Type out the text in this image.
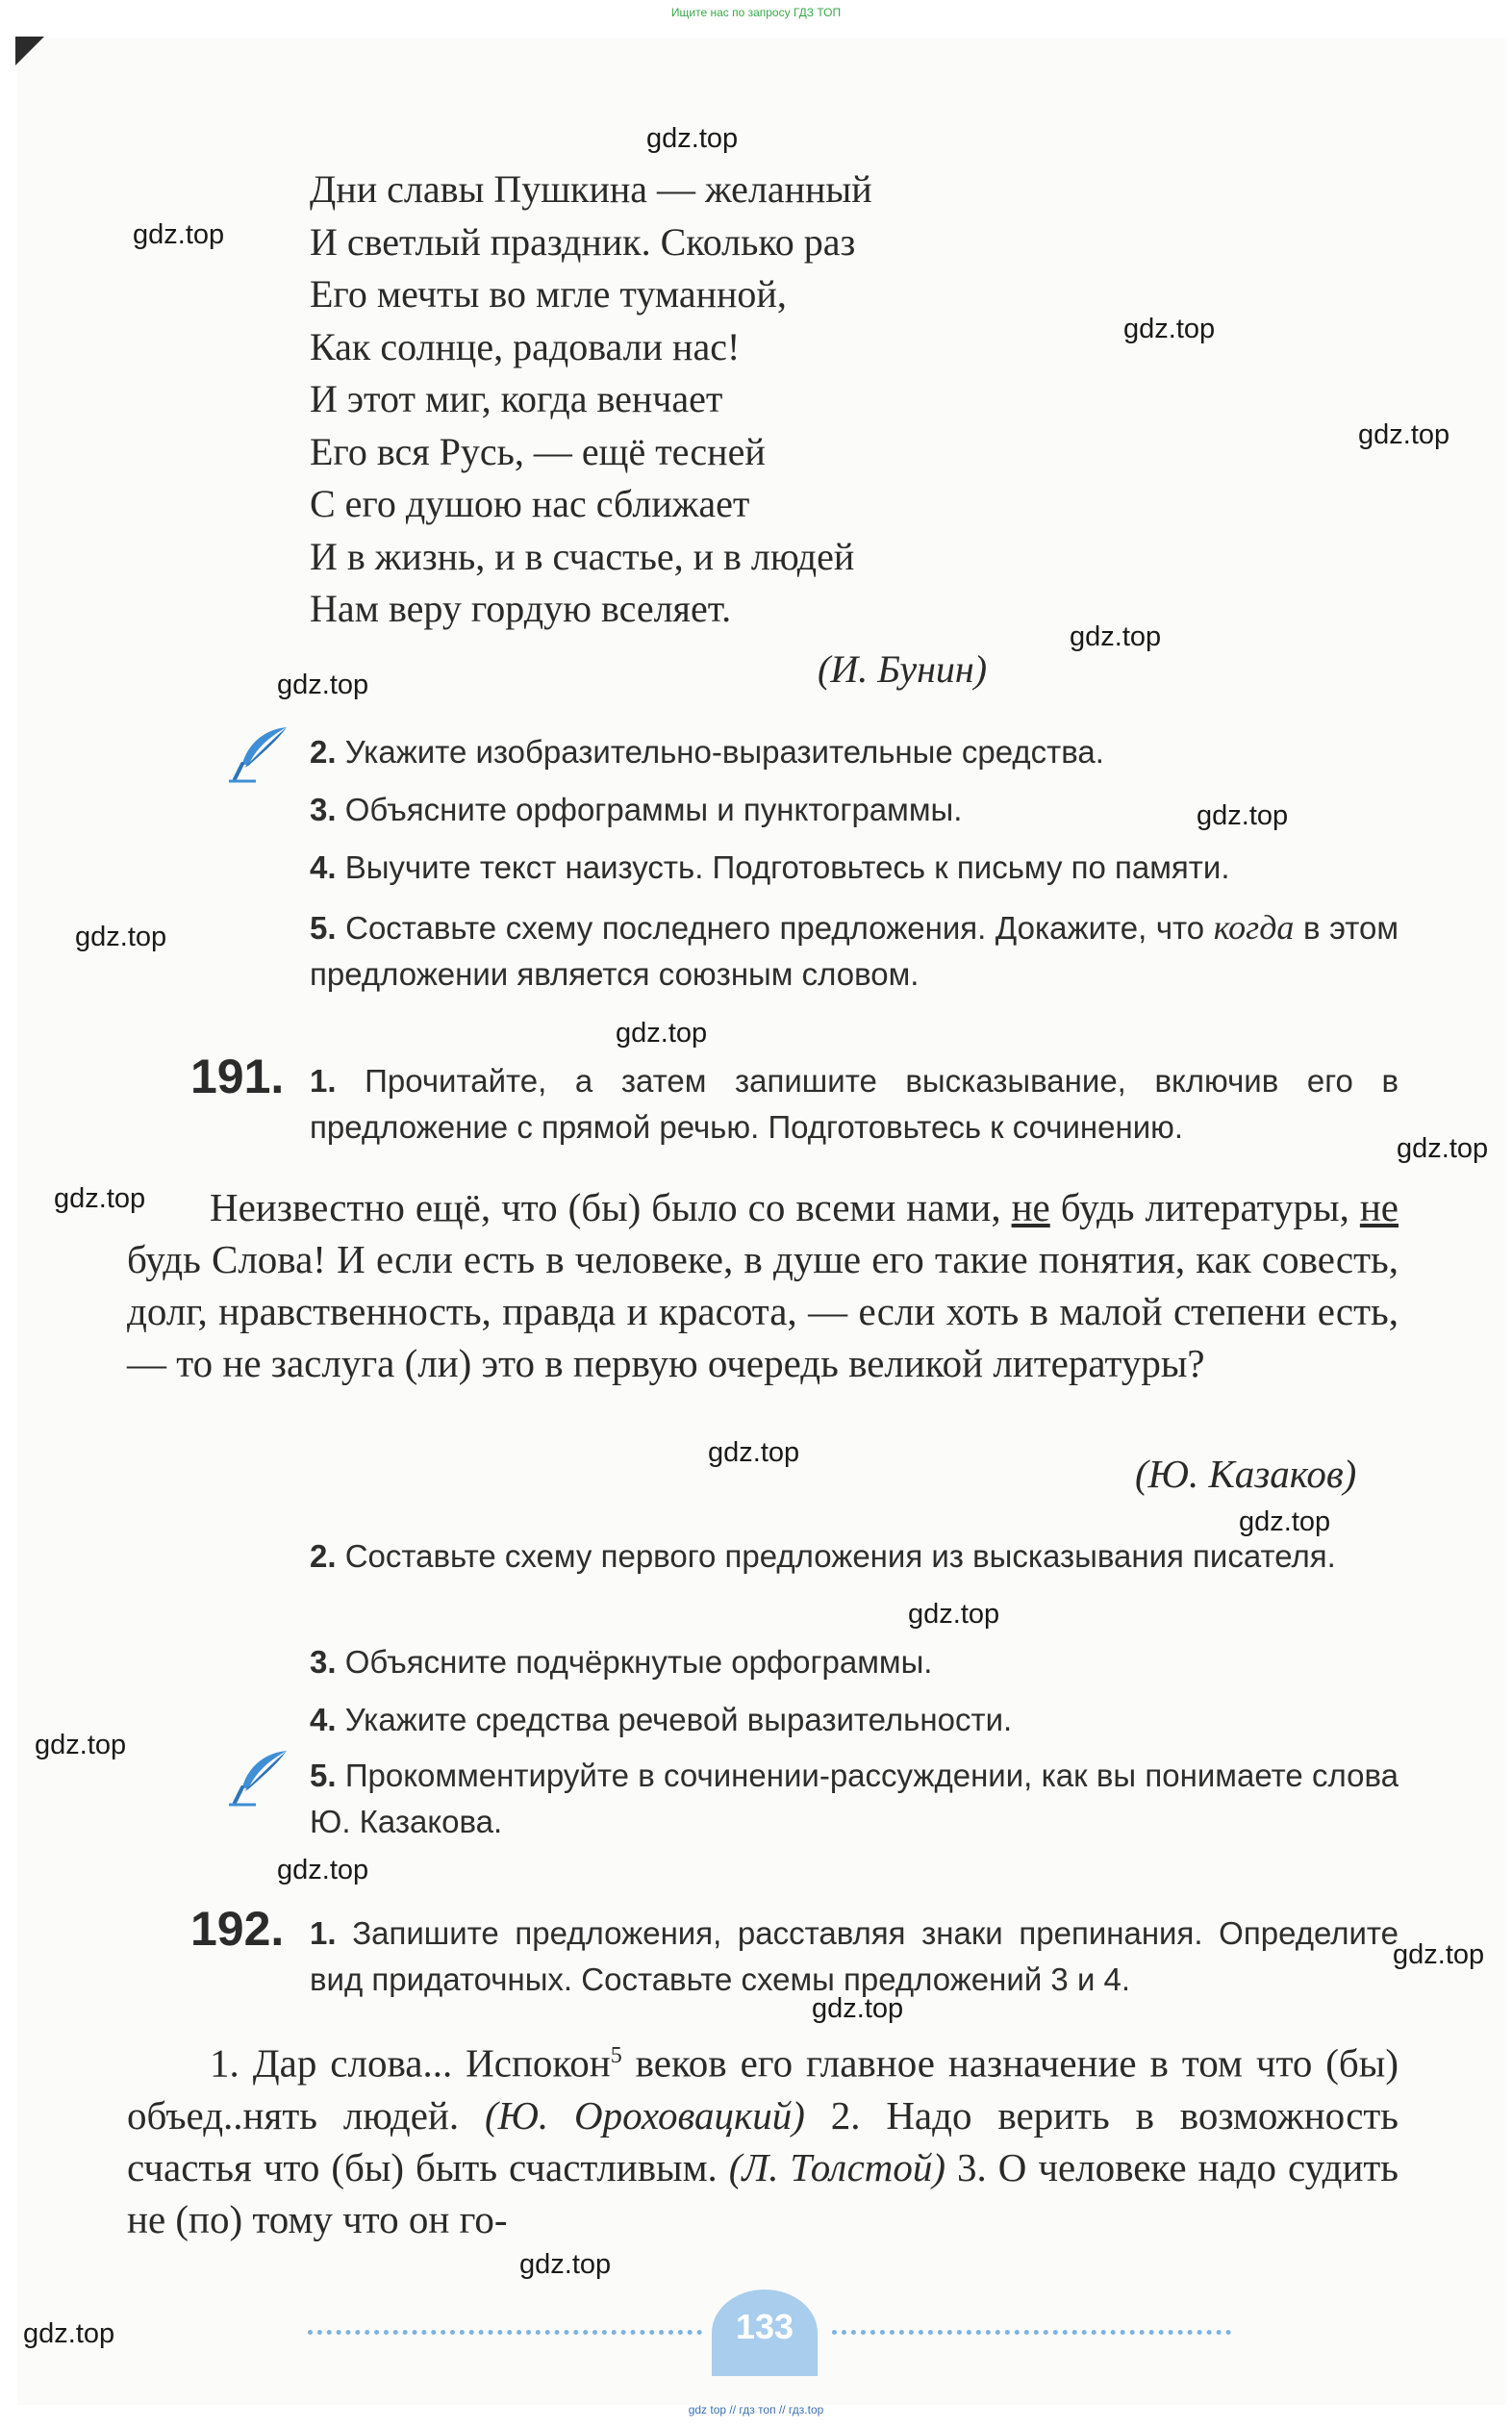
Ищите нас по запросу ГДЗ ТОП
Дни славы Пушкина — желанный
И светлый праздник. Сколько раз
Его мечты во мгле туманной,
Как солнце, радовали нас!
И этот миг, когда венчает
Его вся Русь, — ещё тесней
С его душою нас сближает
И в жизнь, и в счастье, и в людей
Нам веру гордую вселяет.
(И. Бунин)
2. Укажите изобразительно-выразительные средства.
3. Объясните орфограммы и пунктограммы.
4. Выучите текст наизусть. Подготовьтесь к письму по памяти.
5. Составьте схему последнего предложения. Докажите, что когда в этом предложении является союзным словом.
191. 1. Прочитайте, а затем запишите высказывание, включив его в предложение с прямой речью. Подготовьтесь к сочинению.
Неизвестно ещё, что (бы) было со всеми нами, не будь литературы, не будь Слова! И если есть в человеке, в душе его такие понятия, как совесть, долг, нравственность, правда и красота, — если хоть в малой степени есть, — то не заслуга (ли) это в первую очередь великой литературы?
(Ю. Казаков)
2. Составьте схему первого предложения из высказывания писателя.
3. Объясните подчёркнутые орфограммы.
4. Укажите средства речевой выразительности.
5. Прокомментируйте в сочинении-рассуждении, как вы понимаете слова Ю. Казакова.
192. 1. Запишите предложения, расставляя знаки препинания. Определите вид придаточных. Составьте схемы предложений 3 и 4.
1. Дар слова... Испокон$^5$ веков его главное назначение в том что (бы) объед..нять людей. (Ю. Ороховацкий) 2. Надо верить в возможность счастья что (бы) быть счастливым. (Л. Толстой) 3. О человеке надо судить не (по) тому что он го-
133
gdz.top
gdz.top
gdz.top
gdz.top
gdz.top
gdz.top
gdz.top
gdz.top
gdz.top
gdz.top
gdz.top
gdz.top
gdz.top
gdz.top
gdz.top
gdz.top
gdz.top
gdz.top
gdz.top
gdz.top
gdz top // гдз топ // гдз.top
